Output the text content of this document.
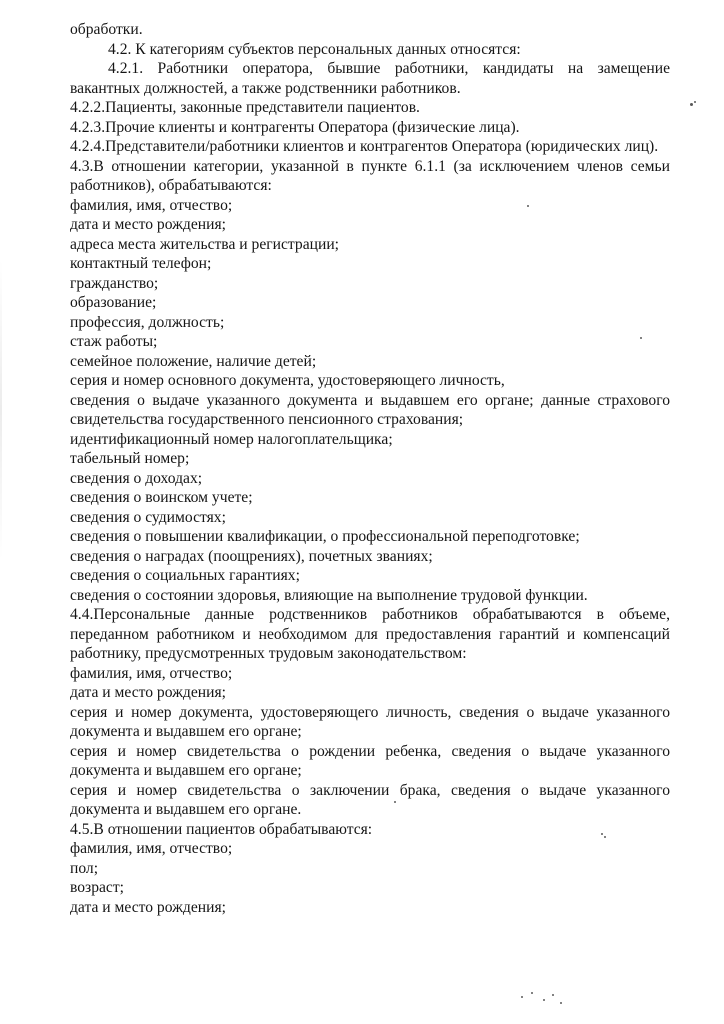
обработки.

4.2. К категориям субъектов персональных данных относятся:

4.2.1. Работники оператора, бывшие работники, кандидаты на замещение вакантных должностей, а также родственники работников.

4.2.2.Пациенты, законные представители пациентов.

4.2.3.Прочие клиенты и контрагенты Оператора (физические лица).

4.2.4.Представители/работники клиентов и контрагентов Оператора (юридических лиц).

4.3.В отношении категории, указанной в пункте 6.1.1 (за исключением членов семьи работников), обрабатываются:

фамилия, имя, отчество;

дата и место рождения;

адреса места жительства и регистрации;

контактный телефон;

гражданство;

образование;

профессия, должность;

стаж работы;

семейное положение, наличие детей;

серия и номер основного документа, удостоверяющего личность,

сведения о выдаче указанного документа и выдавшем его органе; данные страхового свидетельства государственного пенсионного страхования;

идентификационный номер налогоплательщика;

табельный номер;

сведения о доходах;

сведения о воинском учете;

сведения о судимостях;

сведения о повышении квалификации, о профессиональной переподготовке;

сведения о наградах (поощрениях), почетных званиях;

сведения о социальных гарантиях;

сведения о состоянии здоровья, влияющие на выполнение трудовой функции.

4.4.Персональные данные родственников работников обрабатываются в объеме, переданном работником и необходимом для предоставления гарантий и компенсаций работнику, предусмотренных трудовым законодательством:

фамилия, имя, отчество;

дата и место рождения;

серия и номер документа, удостоверяющего личность, сведения о выдаче указанного документа и выдавшем его органе;

серия и номер свидетельства о рождении ребенка, сведения о выдаче указанного документа и выдавшем его органе;

серия и номер свидетельства о заключении брака, сведения о выдаче указанного документа и выдавшем его органе.

4.5.В отношении пациентов обрабатываются:

фамилия, имя, отчество;

пол;

возраст;

дата и место рождения;
